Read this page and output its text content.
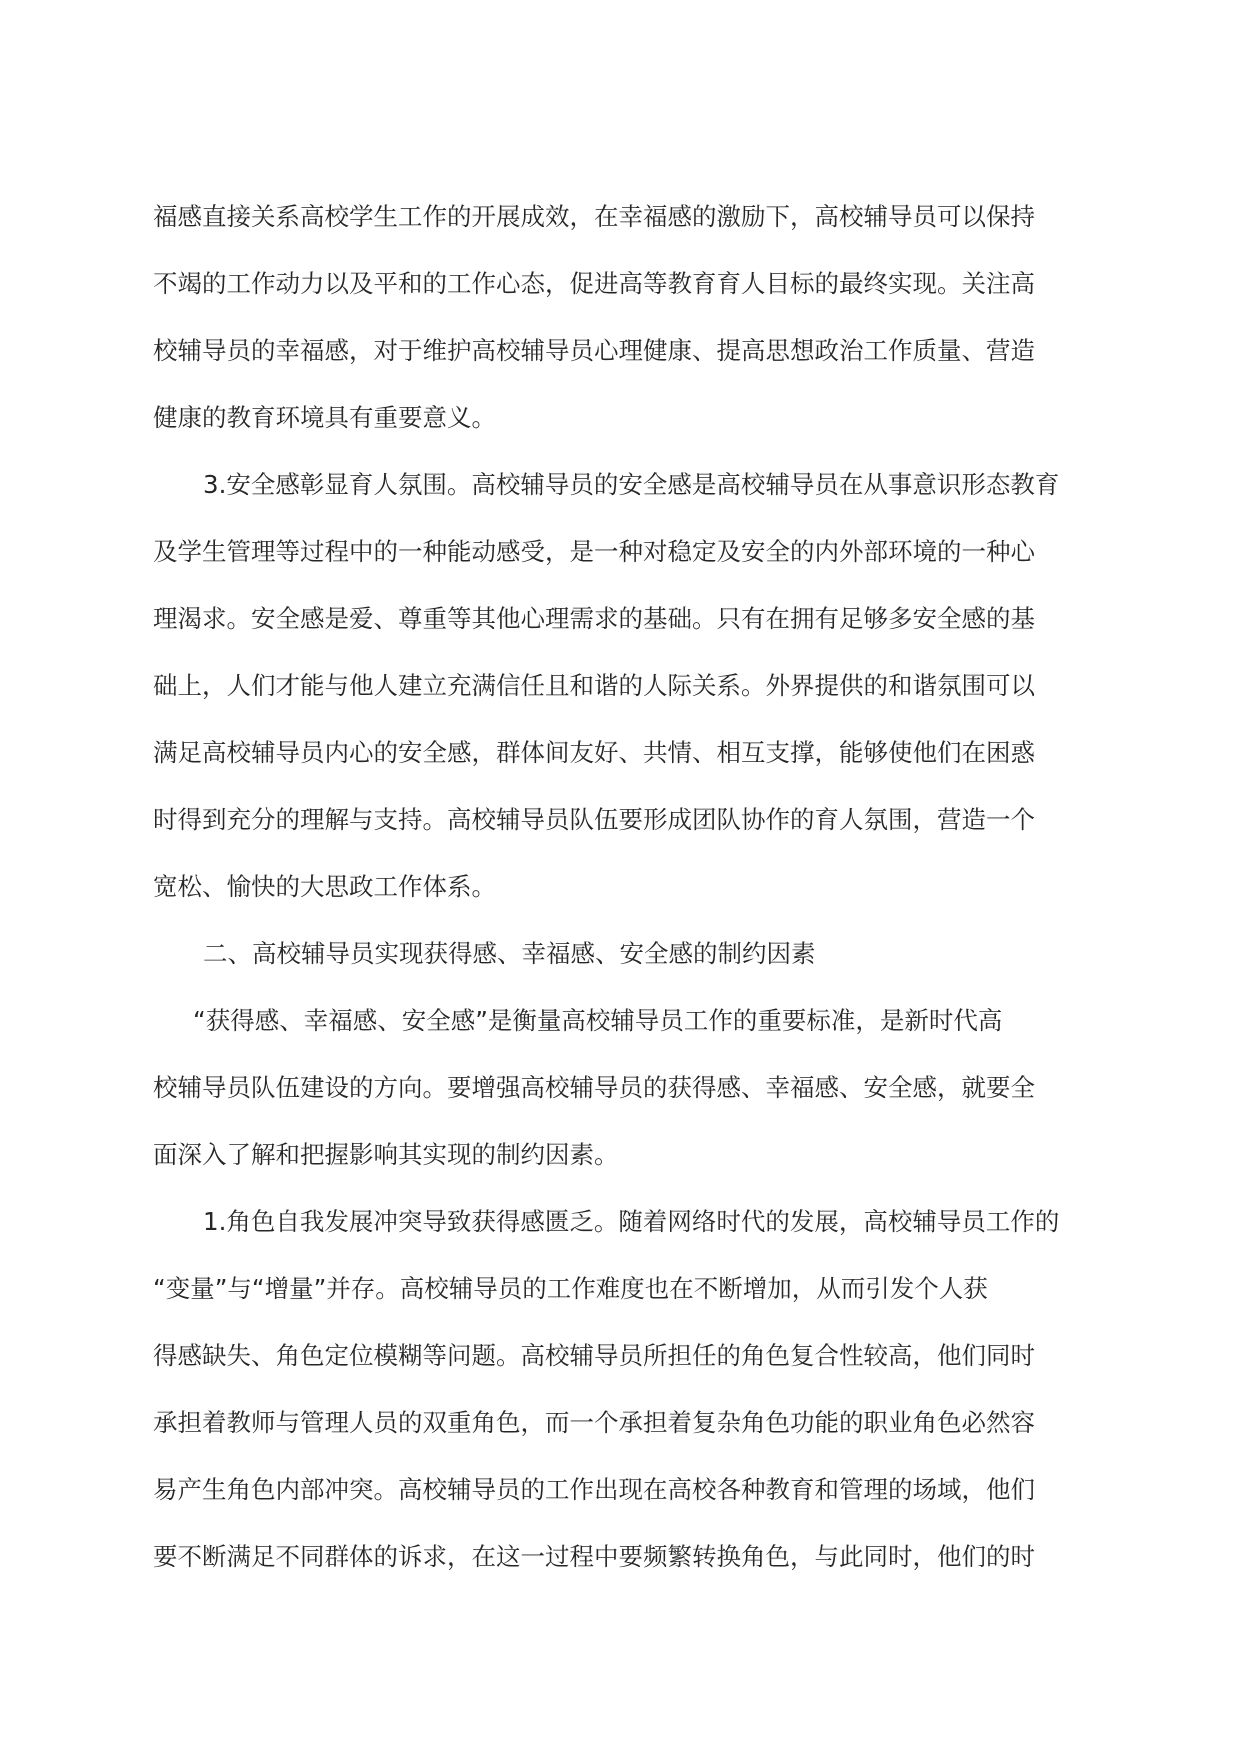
福感直接关系高校学生工作的开展成效，在幸福感的激励下，高校辅导员可以保持
不竭的工作动力以及平和的工作心态，促进高等教育育人目标的最终实现。关注高
校辅导员的幸福感，对于维护高校辅导员心理健康、提高思想政治工作质量、营造
健康的教育环境具有重要意义。
3.安全感彰显育人氛围。高校辅导员的安全感是高校辅导员在从事意识形态教育
及学生管理等过程中的一种能动感受，是一种对稳定及安全的内外部环境的一种心
理渴求。安全感是爱、尊重等其他心理需求的基础。只有在拥有足够多安全感的基
础上，人们才能与他人建立充满信任且和谐的人际关系。外界提供的和谐氛围可以
满足高校辅导员内心的安全感，群体间友好、共情、相互支撑，能够使他们在困惑
时得到充分的理解与支持。高校辅导员队伍要形成团队协作的育人氛围，营造一个
宽松、愉快的大思政工作体系。
二、高校辅导员实现获得感、幸福感、安全感的制约因素
“获得感、幸福感、安全感”是衡量高校辅导员工作的重要标准，是新时代高
校辅导员队伍建设的方向。要增强高校辅导员的获得感、幸福感、安全感，就要全
面深入了解和把握影响其实现的制约因素。
1.角色自我发展冲突导致获得感匮乏。随着网络时代的发展，高校辅导员工作的
“变量”与“增量”并存。高校辅导员的工作难度也在不断增加，从而引发个人获
得感缺失、角色定位模糊等问题。高校辅导员所担任的角色复合性较高，他们同时
承担着教师与管理人员的双重角色，而一个承担着复杂角色功能的职业角色必然容
易产生角色内部冲突。高校辅导员的工作出现在高校各种教育和管理的场域，他们
要不断满足不同群体的诉求，在这一过程中要频繁转换角色，与此同时，他们的时
